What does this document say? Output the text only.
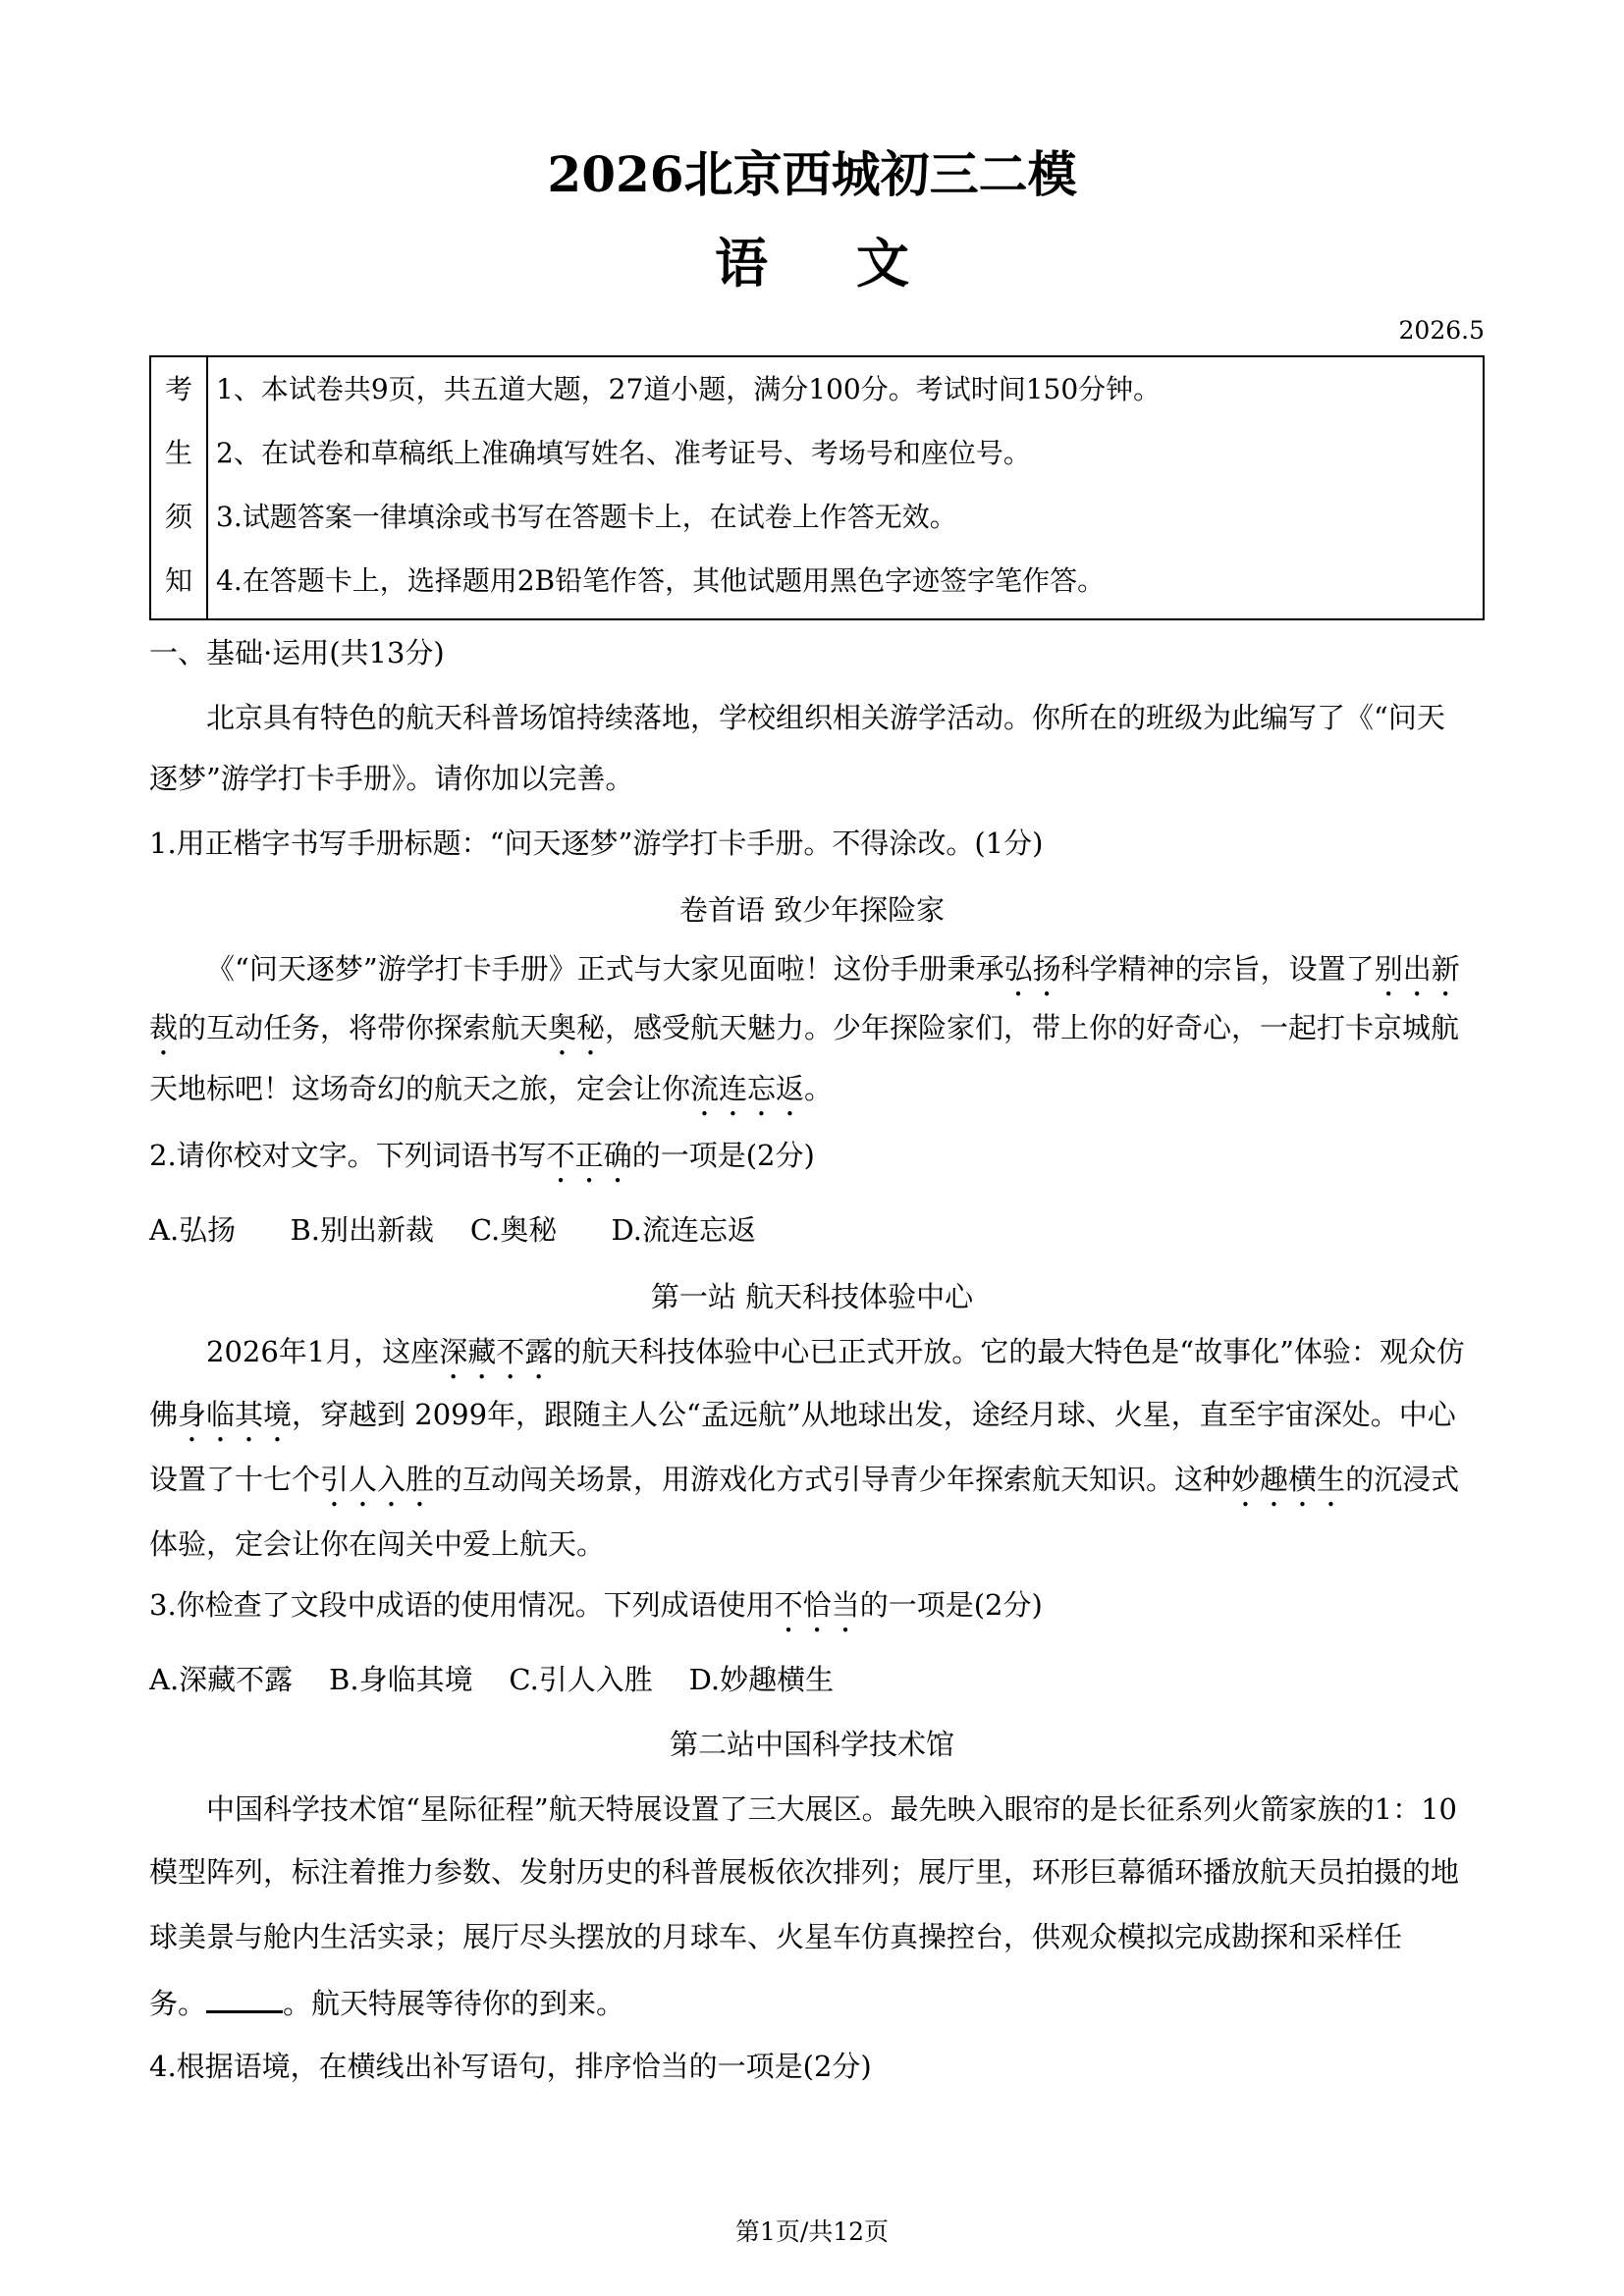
2026北京西城初三二模
语文
2026.5
考
生
须
知
1、本试卷共9页，共五道大题，27道小题，满分100分。考试时间150分钟。
2、在试卷和草稿纸上准确填写姓名、准考证号、考场号和座位号。
3.试题答案一律填涂或书写在答题卡上，在试卷上作答无效。
4.在答题卡上，选择题用2B铅笔作答，其他试题用黑色字迹签字笔作答。
一、基础·运用(共13分)
北京具有特色的航天科普场馆持续落地，学校组织相关游学活动。你所在的班级为此编写了《“问天
逐梦”游学打卡手册》。请你加以完善。
1.用正楷字书写手册标题：“问天逐梦”游学打卡手册。不得涂改。(1分)
卷首语 致少年探险家
《“问天逐梦”游学打卡手册》正式与大家见面啦！这份手册秉承弘扬科学精神的宗旨，设置了别出新
裁的互动任务，将带你探索航天奥秘，感受航天魅力。少年探险家们，带上你的好奇心，一起打卡京城航
天地标吧！这场奇幻的航天之旅，定会让你流连忘返。
2.请你校对文字。下列词语书写不正确的一项是(2分)
A.弘扬      B.别出新裁    C.奥秘      D.流连忘返
第一站 航天科技体验中心
2026年1月，这座深藏不露的航天科技体验中心已正式开放。它的最大特色是“故事化”体验：观众仿
佛身临其境，穿越到 2099年，跟随主人公“孟远航”从地球出发，途经月球、火星，直至宇宙深处。中心
设置了十七个引人入胜的互动闯关场景，用游戏化方式引导青少年探索航天知识。这种妙趣横生的沉浸式
体验，定会让你在闯关中爱上航天。
3.你检查了文段中成语的使用情况。下列成语使用不恰当的一项是(2分)
A.深藏不露    B.身临其境    C.引人入胜    D.妙趣横生
第二站中国科学技术馆
中国科学技术馆“星际征程”航天特展设置了三大展区。最先映入眼帘的是长征系列火箭家族的1：10
模型阵列，标注着推力参数、发射历史的科普展板依次排列；展厅里，环形巨幕循环播放航天员拍摄的地
球美景与舱内生活实录；展厅尽头摆放的月球车、火星车仿真操控台，供观众模拟完成勘探和采样任
务。	。航天特展等待你的到来。
4.根据语境，在横线出补写语句，排序恰当的一项是(2分)
第1页/共12页
